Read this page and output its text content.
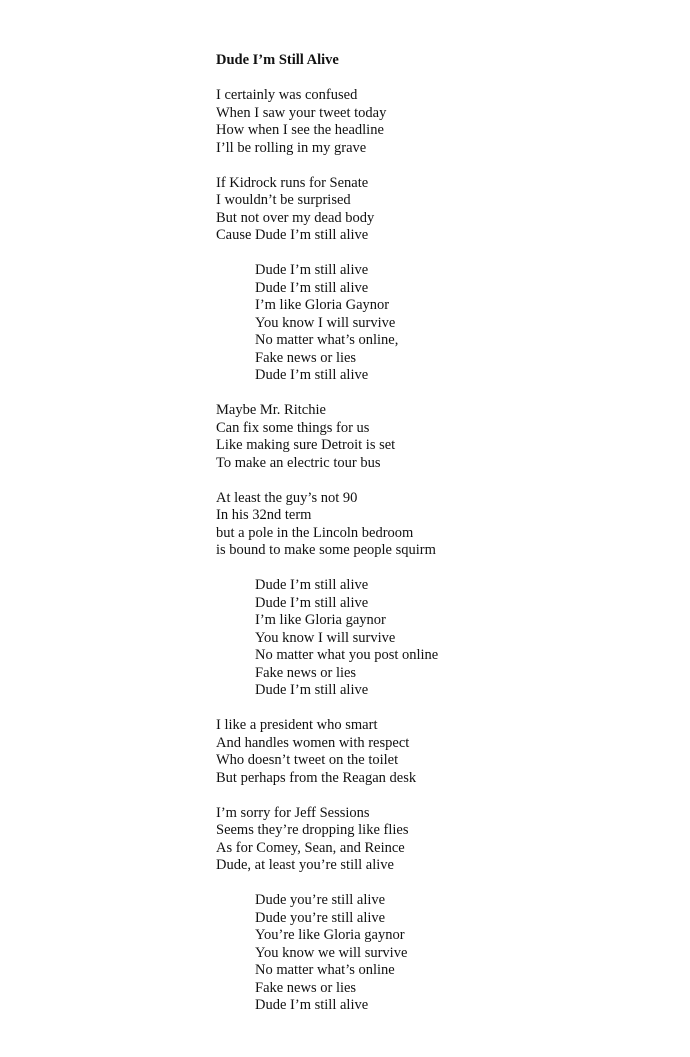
Dude I’m Still Alive
I certainly was confused
When I saw your tweet today
How when I see the headline
I’ll be rolling in my grave
If Kidrock runs for Senate
I wouldn’t be surprised
But not over my dead body
Cause Dude I’m still alive
Dude I’m still alive
Dude I’m still alive
I’m like Gloria Gaynor
You know I will survive
No matter what’s online,
Fake news or lies
Dude I’m still alive
Maybe Mr. Ritchie
Can fix some things for us
Like making sure Detroit is set
To make an electric tour bus
At least the guy’s not 90
In his 32nd term
but a pole in the Lincoln bedroom
is bound to make some people squirm
Dude I’m still alive
Dude I’m still alive
I’m like Gloria gaynor
You know I will survive
No matter what you post online
Fake news or lies
Dude I’m still alive
I like a president who smart
And handles women with respect
Who doesn’t tweet on the toilet
But perhaps from the Reagan desk
I’m sorry for Jeff Sessions
Seems they’re dropping like flies
As for Comey, Sean, and Reince
Dude, at least you’re still alive
Dude you’re still alive
Dude you’re still alive
You’re like Gloria gaynor
You know we will survive
No matter what’s online
Fake news or lies
Dude I’m still alive
